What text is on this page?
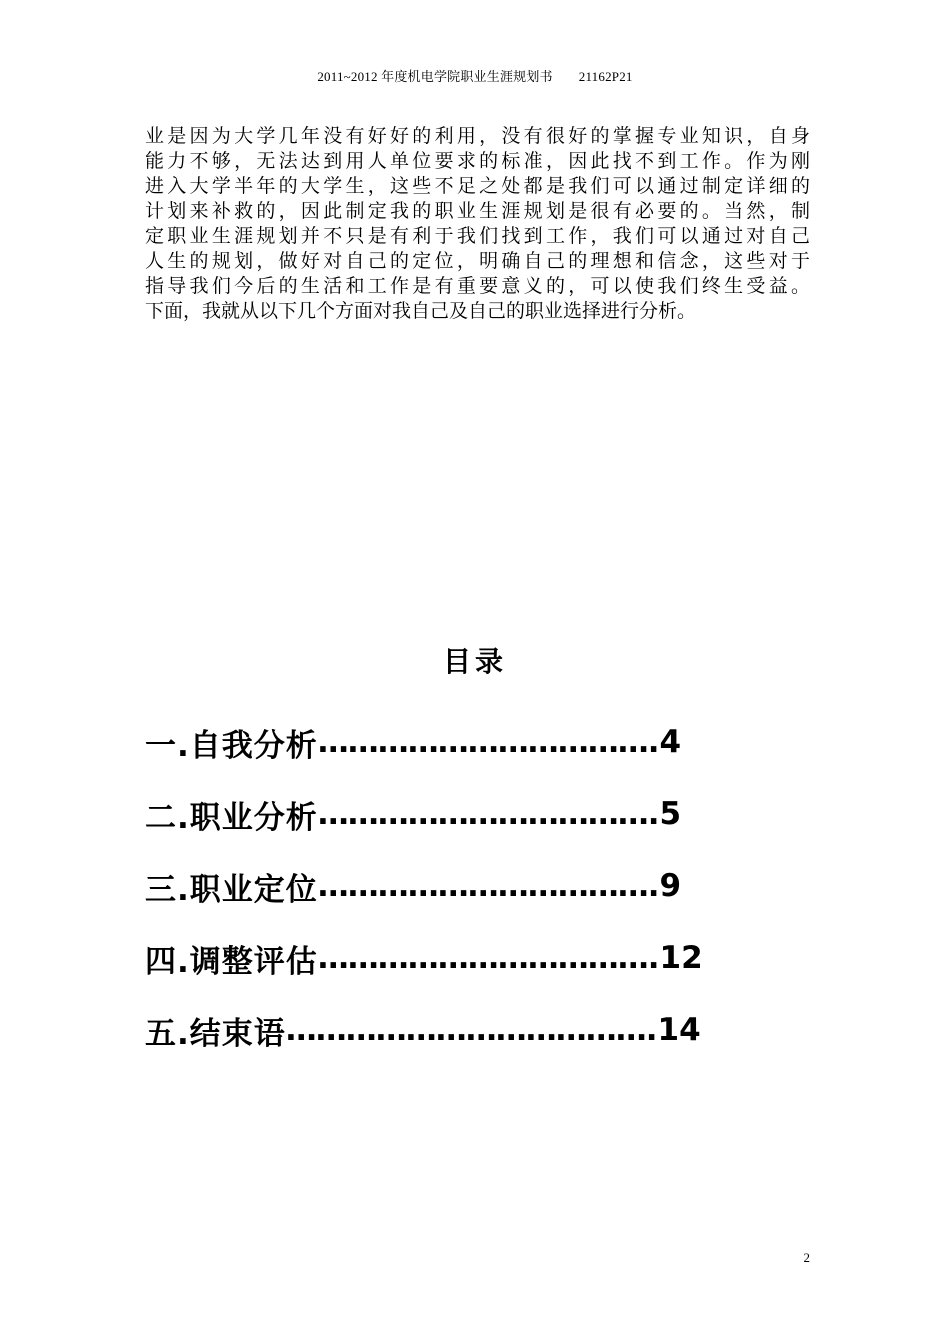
2011~2012 年度机电学院职业生涯规划书 21162P21
业是因为大学几年没有好好的利用，没有很好的掌握专业知识，自身
能力不够，无法达到用人单位要求的标准，因此找不到工作。作为刚
进入大学半年的大学生，这些不足之处都是我们可以通过制定详细的
计划来补救的，因此制定我的职业生涯规划是很有必要的。当然，制
定职业生涯规划并不只是有利于我们找到工作，我们可以通过对自己
人生的规划，做好对自己的定位，明确自己的理想和信念，这些对于
指导我们今后的生活和工作是有重要意义的，可以使我们终生受益。
下面，我就从以下几个方面对我自己及自己的职业选择进行分析。
目录
一.自我分析 …………………………… .4
二.职业分析 …………………………… .5
三.职业定位 …………………………… .9
四.调整评估 …………………………… .12
五.结束语 ……………………………… .14
2
